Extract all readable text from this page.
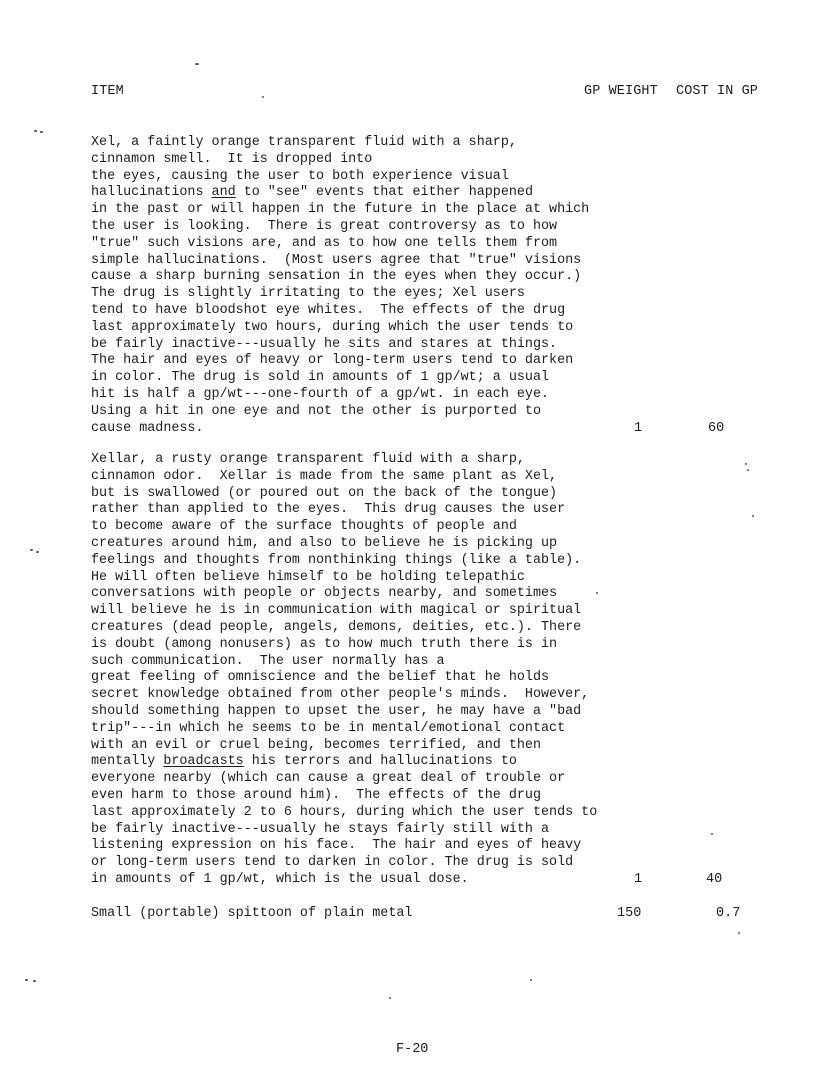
ITEM	GP WEIGHT COST IN GP
Xel, a faintly orange transparent fluid with a sharp,
cinnamon smell.  It is dropped into
the eyes, causing the user to both experience visual
hallucinations and to "see" events that either happened
in the past or will happen in the future in the place at which
the user is looking.  There is great controversy as to how
"true" such visions are, and as to how one tells them from
simple hallucinations.  (Most users agree that "true" visions
cause a sharp burning sensation in the eyes when they occur.)
The drug is slightly irritating to the eyes; Xel users
tend to have bloodshot eye whites.  The effects of the drug
last approximately two hours, during which the user tends to
be fairly inactive---usually he sits and stares at things.
The hair and eyes of heavy or long-term users tend to darken
in color. The drug is sold in amounts of 1 gp/wt; a usual
hit is half a gp/wt---one-fourth of a gp/wt. in each eye.
Using a hit in one eye and not the other is purported to
cause madness.	1	60
Xellar, a rusty orange transparent fluid with a sharp,
cinnamon odor.  Xellar is made from the same plant as Xel,
but is swallowed (or poured out on the back of the tongue)
rather than applied to the eyes.  This drug causes the user
to become aware of the surface thoughts of people and
creatures around him, and also to believe he is picking up
feelings and thoughts from nonthinking things (like a table).
He will often believe himself to be holding telepathic
conversations with people or objects nearby, and sometimes
will believe he is in communication with magical or spiritual
creatures (dead people, angels, demons, deities, etc.). There
is doubt (among nonusers) as to how much truth there is in
such communication.  The user normally has a
great feeling of omniscience and the belief that he holds
secret knowledge obtained from other people's minds.  However,
should something happen to upset the user, he may have a "bad
trip"---in which he seems to be in mental/emotional contact
with an evil or cruel being, becomes terrified, and then
mentally broadcasts his terrors and hallucinations to
everyone nearby (which can cause a great deal of trouble or
even harm to those around him).  The effects of the drug
last approximately 2 to 6 hours, during which the user tends to
be fairly inactive---usually he stays fairly still with a
listening expression on his face.  The hair and eyes of heavy
or long-term users tend to darken in color. The drug is sold
in amounts of 1 gp/wt, which is the usual dose.	1	40
Small (portable) spittoon of plain metal	150	0.7
F-20
